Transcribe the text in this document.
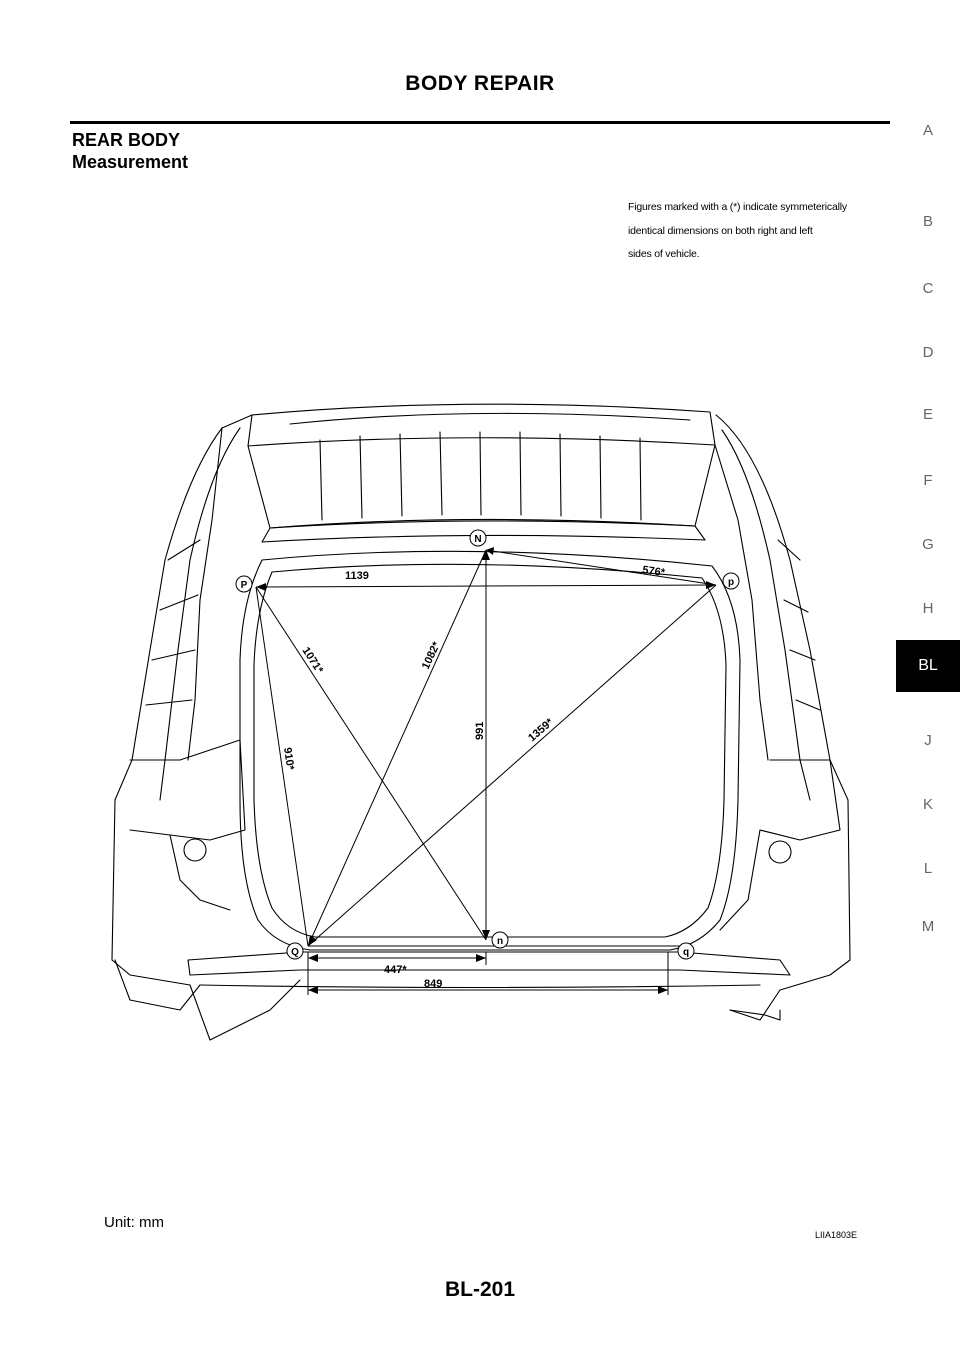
BODY REPAIR
REAR BODY
Measurement
A
B
C
D
E
F
G
H
BL
J
K
L
M
Figures marked with a (*) indicate symmeterically
identical dimensions on both right and left
sides of vehicle.
N
P	p
Q
n
q
1139	576*
1071*	1082*
991	1359*
910*
447*
849
Unit: mm
LIIA1803E
BL-201
